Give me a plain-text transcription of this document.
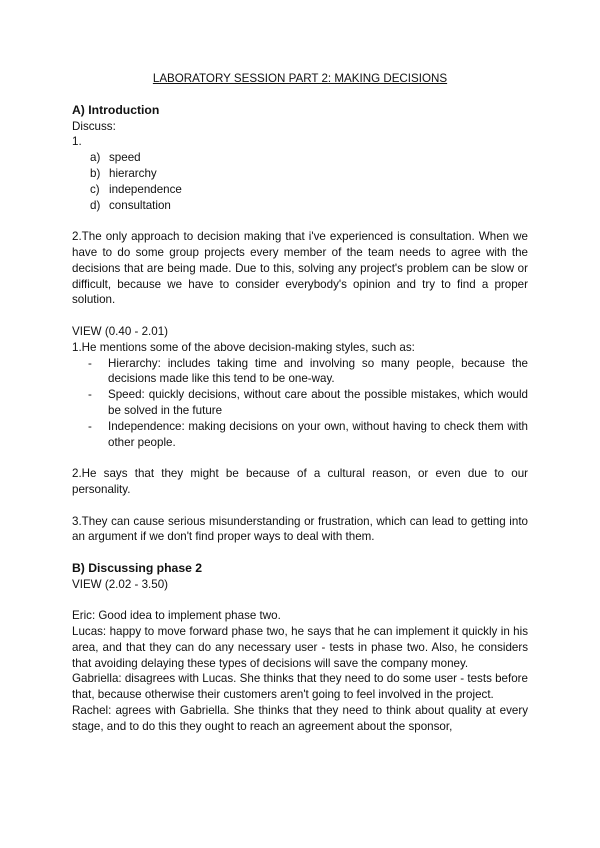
LABORATORY SESSION PART 2: MAKING DECISIONS

A) Introduction

Discuss:

1.

a) speed
b) hierarchy
c) independence
d) consultation

2.The only approach to decision making that i've experienced is consultation. When we have to do some group projects every member of the team needs to agree with the decisions that are being made. Due to this, solving any project's problem can be slow or difficult, because we have to consider everybody's opinion and try to find a proper solution.

VIEW (0.40 - 2.01)

1.He mentions some of the above decision-making styles, such as:

-	Hierarchy: includes taking time and involving so many people, because the decisions made like this tend to be one-way.
-	Speed: quickly decisions, without care about the possible mistakes, which would be solved in the future
-	Independence: making decisions on your own, without having to check them with other people.

2.He says that they might be because of a cultural reason, or even due to our personality.

3.They can cause serious misunderstanding or frustration, which can lead to getting into an argument if we don't find proper ways to deal with them.

B) Discussing phase 2

VIEW (2.02 - 3.50)

Eric: Good idea to implement phase two.

Lucas: happy to move forward phase two, he says that he can implement it quickly in his area, and that they can do any necessary user - tests in phase two. Also, he considers that avoiding delaying these types of decisions will save the company money.

Gabriella: disagrees with Lucas. She thinks that they need to do some user - tests before that, because otherwise their customers aren't going to feel involved in the project.

Rachel: agrees with Gabriella. She thinks that they need to think about quality at every stage, and to do this they ought to reach an agreement about the sponsor,
